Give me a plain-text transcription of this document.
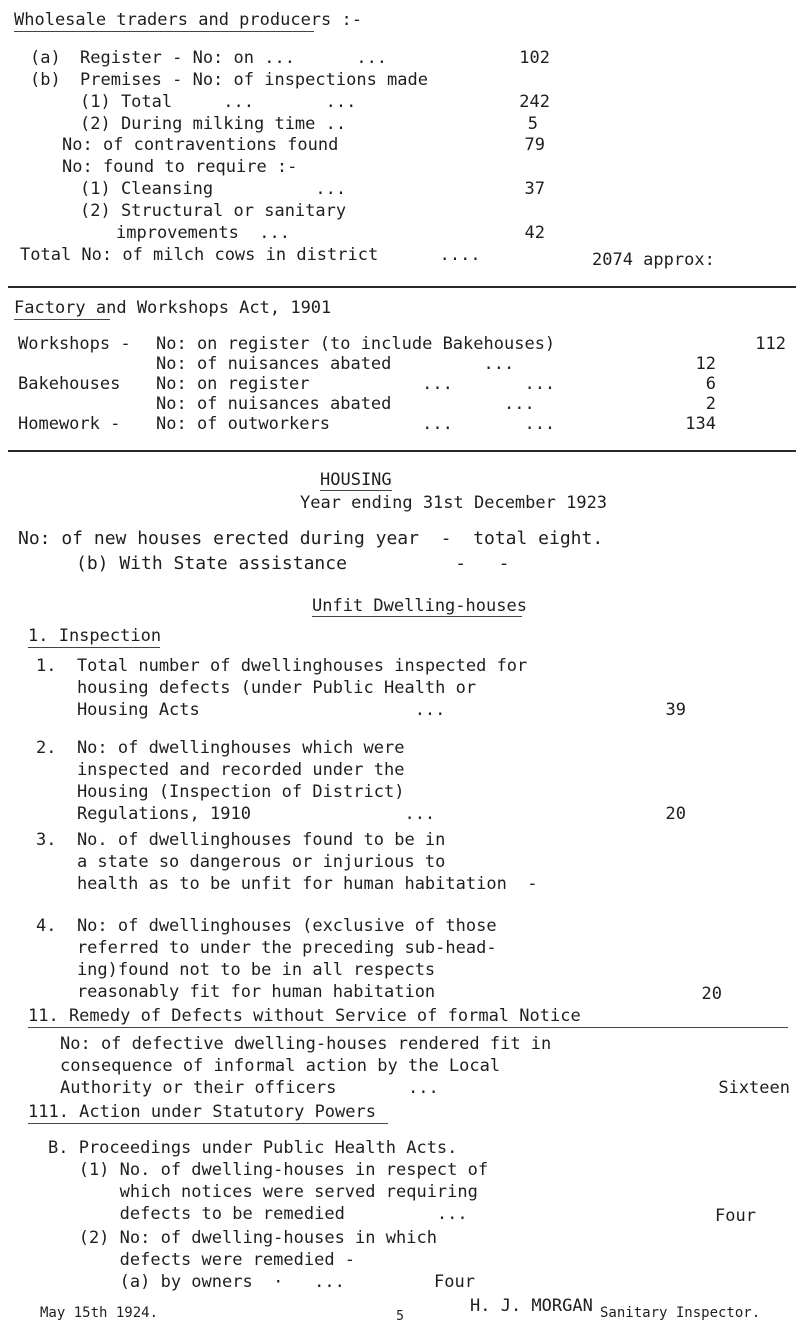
Wholesale traders and producers :-
(a) Register - No: on ...      ...	102
(b) Premises - No: of inspections made
(1) Total     ...       ...	242
(2) During milking time ..	5
No: of contraventions found	79
No: found to require :-
(1) Cleansing          ...	37
(2) Structural or sanitary
improvements  ...	42
Total No: of milch cows in district      ....	2074 approx:
Factory and Workshops Act, 1901
Workshops - No: on register (to include Bakehouses)	112
No: of nuisances abated         ...	12
Bakehouses No: on register           ...       ...	6
No: of nuisances abated           ...	2
Homework - No: of outworkers         ...       ...	134
HOUSING
Year ending 31st December 1923
No: of new houses erected during year  -  total eight.
(b) With State assistance          -   -
Unfit Dwelling-houses
1. Inspection
1.  Total number of dwellinghouses inspected for
housing defects (under Public Health or
Housing Acts                     ...	39
2.  No: of dwellinghouses which were
inspected and recorded under the
Housing (Inspection of District)
Regulations, 1910               ...	20
3.  No. of dwellinghouses found to be in
a state so dangerous or injurious to
health as to be unfit for human habitation  -
4.  No: of dwellinghouses (exclusive of those
referred to under the preceding sub-head-
ing)found not to be in all respects
reasonably fit for human habitation	20
11. Remedy of Defects without Service of formal Notice
No: of defective dwelling-houses rendered fit in
consequence of informal action by the Local
Authority or their officers       ...	Sixteen
111. Action under Statutory Powers
B. Proceedings under Public Health Acts.
(1) No. of dwelling-houses in respect of
which notices were served requiring
defects to be remedied         ...	Four
(2) No: of dwelling-houses in which
defects were remedied -
(a) by owners  ·   ...	Four
H. J. MORGAN
May 15th 1924.	Sanitary Inspector.
5
